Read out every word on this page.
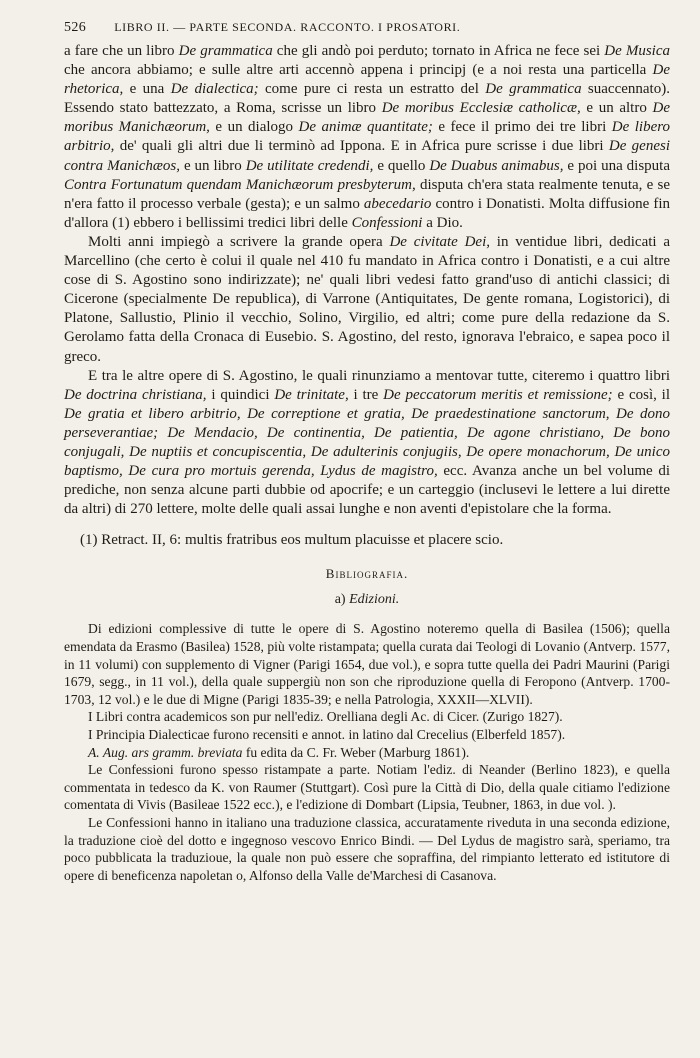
526 LIBRO II. — PARTE SECONDA. RACCONTO. I PROSATORI.

a fare che un libro De grammatica che gli andò poi perduto; tornato in Africa ne fece sei De Musica che ancora abbiamo; e sulle altre arti accennò appena i principj (e a noi resta una particella De rhetorica, e una De dialectica; come pure ci resta un estratto del De grammatica suaccennato). Essendo stato battezzato, a Roma, scrisse un libro De moribus Ecclesiæ catholicæ, e un altro De moribus Manichæorum, e un dialogo De animæ quantitate; e fece il primo dei tre libri De libero arbitrio, de' quali gli altri due li terminò ad Ippona. E in Africa pure scrisse i due libri De genesi contra Manichæos, e un libro De utilitate credendi, e quello De Duabus animabus, e poi una disputa Contra Fortunatum quendam Manichæorum presbyterum, disputa ch'era stata realmente tenuta, e se n'era fatto il processo verbale (gesta); e un salmo abecedario contro i Donatisti. Molta diffusione fin d'allora (1) ebbero i bellissimi tredici libri delle Confessioni a Dio.

Molti anni impiegò a scrivere la grande opera De civitate Dei, in ventidue libri, dedicati a Marcellino (che certo è colui il quale nel 410 fu mandato in Africa contro i Donatisti, e a cui altre cose di S. Agostino sono indirizzate); ne' quali libri vedesi fatto grand'uso di antichi classici; di Cicerone (specialmente De republica), di Varrone (Antiquitates, De gente romana, Logistorici), di Platone, Sallustio, Plinio il vecchio, Solino, Virgilio, ed altri; come pure della redazione da S. Gerolamo fatta della Cronaca di Eusebio. S. Agostino, del resto, ignorava l'ebraico, e sapea poco il greco.

E tra le altre opere di S. Agostino, le quali rinunziamo a mentovar tutte, citeremo i quattro libri De doctrina christiana, i quindici De trinitate, i tre De peccatorum meritis et remissione; e così, il De gratia et libero arbitrio, De correptione et gratia, De praedestinatione sanctorum, De dono perseverantiae; De Mendacio, De continentia, De patientia, De agone christiano, De bono conjugali, De nuptiis et concupiscentia, De adulterinis conjugiis, De opere monachorum, De unico baptismo, De cura pro mortuis gerenda, Lydus de magistro, ecc. Avanza anche un bel volume di prediche, non senza alcune parti dubbie od apocrife; e un carteggio (inclusevi le lettere a lui dirette da altri) di 270 lettere, molte delle quali assai lunghe e non aventi d'epistolare che la forma.

(1) Retract. II, 6: multis fratribus eos multum placuisse et placere scio.

Bibliografia.
a) Edizioni.

Di edizioni complessive di tutte le opere di S. Agostino noteremo quella di Basilea (1506); quella emendata da Erasmo (Basilea) 1528, più volte ristampata; quella curata dai Teologi di Lovanio (Antverp. 1577, in 11 volumi) con supplemento di Vigner (Parigi 1654, due vol.), e sopra tutte quella dei Padri Maurini (Parigi 1679, segg., in 11 vol.), della quale suppergiù non son che riproduzione quella di Feropono (Antverp. 1700-1703, 12 vol.) e le due di Migne (Parigi 1835-39; e nella Patrologia, XXXII—XLVII).

I Libri contra academicos son pur nell'ediz. Orelliana degli Ac. di Cicer. (Zurigo 1827).

I Principia Dialecticae furono recensiti e annot. in latino dal Crecelius (Elberfeld 1857).

A. Aug. ars gramm. breviata fu edita da C. Fr. Weber (Marburg 1861).

Le Confessioni furono spesso ristampate a parte. Notiam l'ediz. di Neander (Berlino 1823), e quella commentata in tedesco da K. von Raumer (Stuttgart). Così pure la Città di Dio, della quale citiamo l'edizione comentata di Vivis (Basileae 1522 ecc.), e l'edizione di Dombart (Lipsia, Teubner, 1863, in due vol. ).

Le Confessioni hanno in italiano una traduzione classica, accuratamente riveduta in una seconda edizione, la traduzione cioè del dotto e ingegnoso vescovo Enrico Bindi. — Del Lydus de magistro sarà, speriamo, tra poco pubblicata la traduzioue, la quale non può essere che sopraffina, del rimpianto letterato ed istitutore di opere di beneficenza napoletan o, Alfonso della Valle de'Marchesi di Casanova.
